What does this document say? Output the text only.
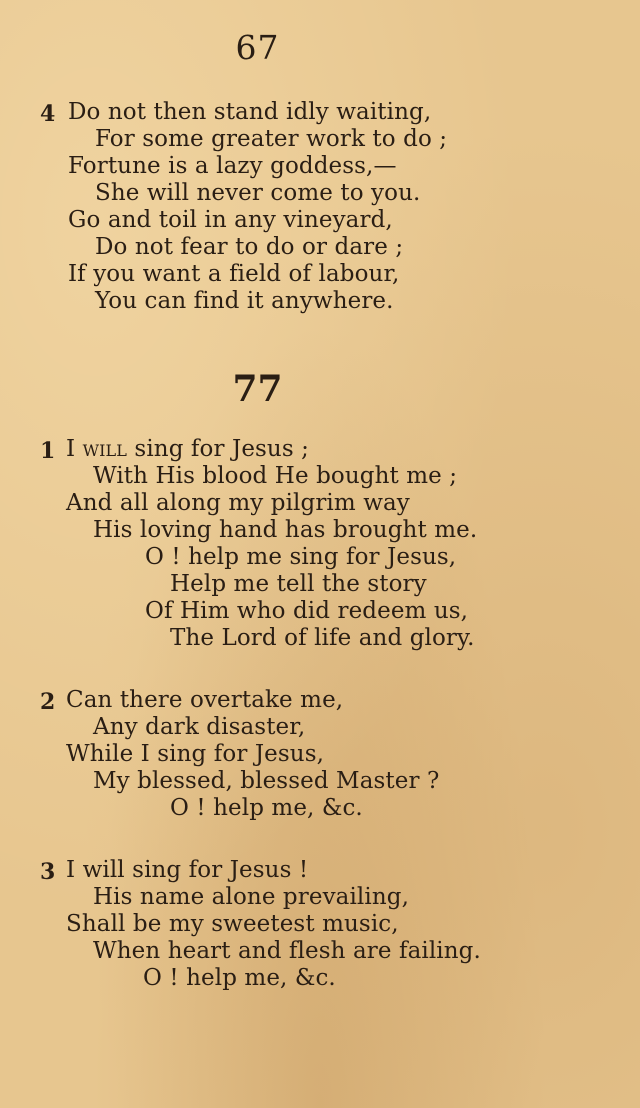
67
4 Do not then stand idly waiting,
For some greater work to do ;
Fortune is a lazy goddess,—
She will never come to you.
Go and toil in any vineyard,
Do not fear to do or dare ;
If you want a field of labour,
You can find it anywhere.
77
1 I will sing for Jesus ;
With His blood He bought me ;
And all along my pilgrim way
His loving hand has brought me.
O ! help me sing for Jesus,
Help me tell the story
Of Him who did redeem us,
The Lord of life and glory.
2 Can there overtake me,
Any dark disaster,
While I sing for Jesus,
My blessed, blessed Master ?
O ! help me, &c.
3 I will sing for Jesus !
His name alone prevailing,
Shall be my sweetest music,
When heart and flesh are failing.
O ! help me, &c.
